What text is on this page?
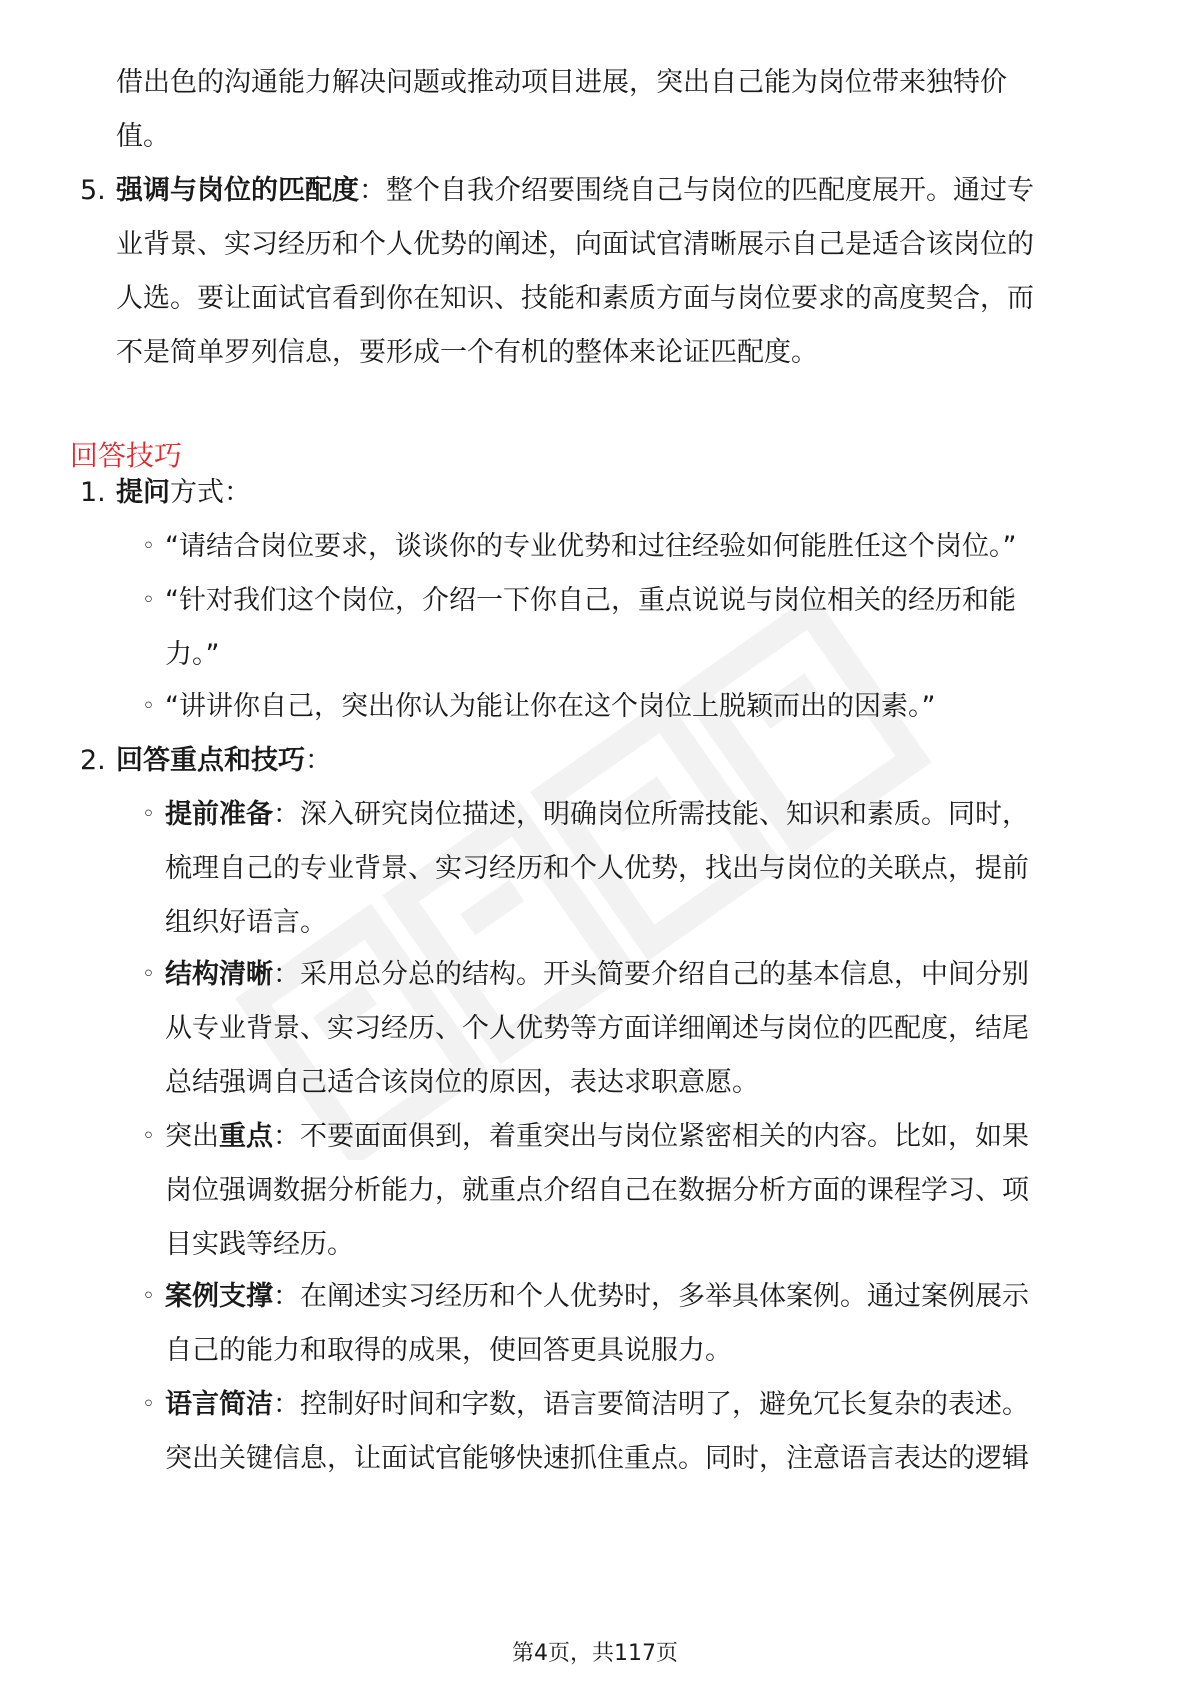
借出色的沟通能力解决问题或推动项目进展，突出自己能为岗位带来独特价
值。
5. 强调与岗位的匹配度：整个自我介绍要围绕自己与岗位的匹配度展开。通过专
业背景、实习经历和个人优势的阐述，向面试官清晰展示自己是适合该岗位的
人选。要让面试官看到你在知识、技能和素质方面与岗位要求的高度契合，而
不是简单罗列信息，要形成一个有机的整体来论证匹配度。
回答技巧
1. 提问方式：
◦ “请结合岗位要求，谈谈你的专业优势和过往经验如何能胜任这个岗位。”
◦ “针对我们这个岗位，介绍一下你自己，重点说说与岗位相关的经历和能
力。”
◦ “讲讲你自己，突出你认为能让你在这个岗位上脱颖而出的因素。”
2. 回答重点和技巧：
◦ 提前准备：深入研究岗位描述，明确岗位所需技能、知识和素质。同时，
梳理自己的专业背景、实习经历和个人优势，找出与岗位的关联点，提前
组织好语言。
◦ 结构清晰：采用总分总的结构。开头简要介绍自己的基本信息，中间分别
从专业背景、实习经历、个人优势等方面详细阐述与岗位的匹配度，结尾
总结强调自己适合该岗位的原因，表达求职意愿。
◦ 突出重点：不要面面俱到，着重突出与岗位紧密相关的内容。比如，如果
岗位强调数据分析能力，就重点介绍自己在数据分析方面的课程学习、项
目实践等经历。
◦ 案例支撑：在阐述实习经历和个人优势时，多举具体案例。通过案例展示
自己的能力和取得的成果，使回答更具说服力。
◦ 语言简洁：控制好时间和字数，语言要简洁明了，避免冗长复杂的表述。
突出关键信息，让面试官能够快速抓住重点。同时，注意语言表达的逻辑
第4页，共117页
